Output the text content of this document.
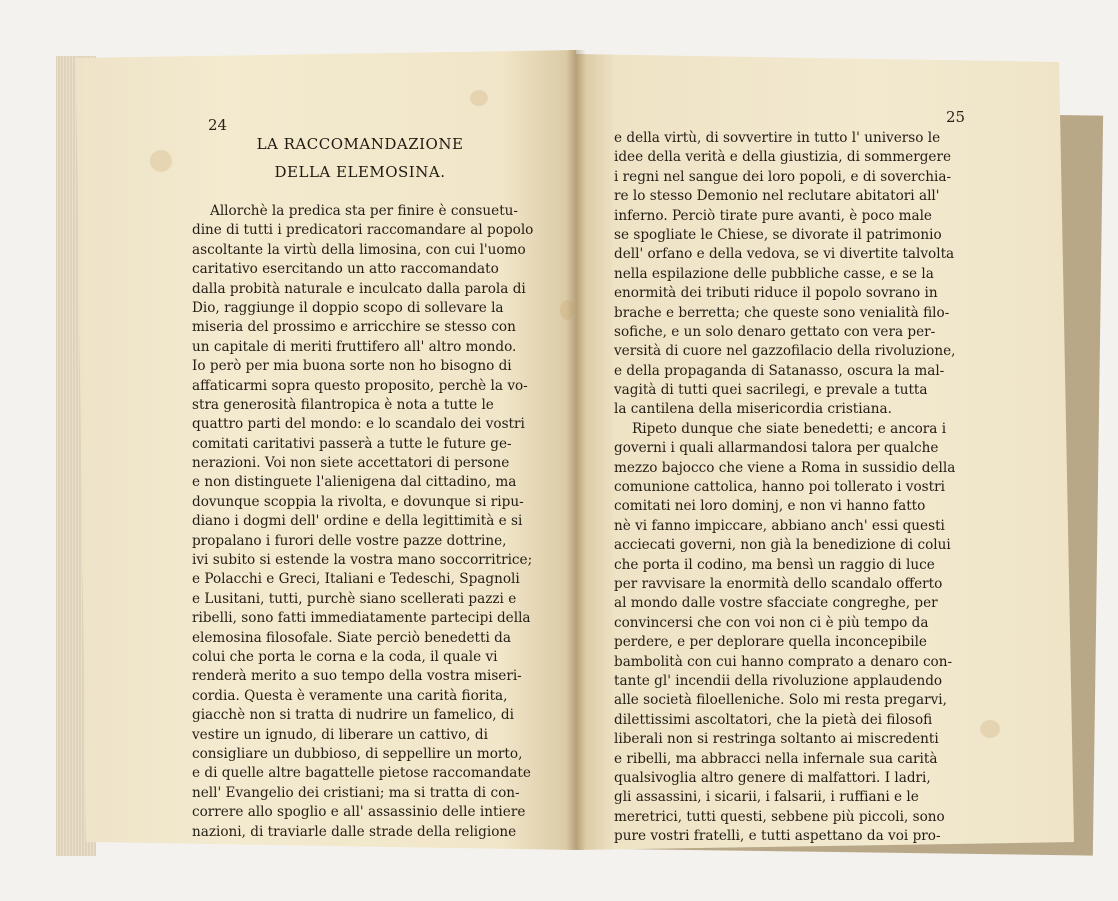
24
LA RACCOMANDAZIONE
DELLA ELEMOSINA.
Allorchè la predica sta per finire è consuetu-
dine di tutti i predicatori raccomandare al popolo
ascoltante la virtù della limosina, con cui l'uomo
caritativo esercitando un atto raccomandato
dalla probità naturale e inculcato dalla parola di
Dio, raggiunge il doppio scopo di sollevare la
miseria del prossimo e arricchire se stesso con
un capitale di meriti fruttifero all' altro mondo.
Io però per mia buona sorte non ho bisogno di
affaticarmi sopra questo proposito, perchè la vo-
stra generosità filantropica è nota a tutte le
quattro parti del mondo: e lo scandalo dei vostri
comitati caritativi passerà a tutte le future ge-
nerazioni. Voi non siete accettatori di persone
e non distinguete l'alienigena dal cittadino, ma
dovunque scoppia la rivolta, e dovunque si ripu-
diano i dogmi dell' ordine e della legittimità e si
propalano i furori delle vostre pazze dottrine,
ivi subito si estende la vostra mano soccorritrice;
e Polacchi e Greci, Italiani e Tedeschi, Spagnoli
e Lusitani, tutti, purchè siano scellerati pazzi e
ribelli, sono fatti immediatamente partecipi della
elemosina filosofale. Siate perciò benedetti da
colui che porta le corna e la coda, il quale vi
renderà merito a suo tempo della vostra miseri-
cordia. Questa è veramente una carità fiorita,
giacchè non si tratta di nudrire un famelico, di
vestire un ignudo, di liberare un cattivo, di
consigliare un dubbioso, di seppellire un morto,
e di quelle altre bagattelle pietose raccomandate
nell' Evangelio dei cristiani; ma si tratta di con-
correre allo spoglio e all' assassinio delle intiere
nazioni, di traviarle dalle strade della religione
25
e della virtù, di sovvertire in tutto l' universo le
idee della verità e della giustizia, di sommergere
i regni nel sangue dei loro popoli, e di soverchia-
re lo stesso Demonio nel reclutare abitatori all'
inferno. Perciò tirate pure avanti, è poco male
se spogliate le Chiese, se divorate il patrimonio
dell' orfano e della vedova, se vi divertite talvolta
nella espilazione delle pubbliche casse, e se la
enormità dei tributi riduce il popolo sovrano in
brache e berretta; che queste sono venialità filo-
sofiche, e un solo denaro gettato con vera per-
versità di cuore nel gazzofilacio della rivoluzione,
e della propaganda di Satanasso, oscura la mal-
vagità di tutti quei sacrilegi, e prevale a tutta
la cantilena della misericordia cristiana.
Ripeto dunque che siate benedetti; e ancora i
governi i quali allarmandosi talora per qualche
mezzo bajocco che viene a Roma in sussidio della
comunione cattolica, hanno poi tollerato i vostri
comitati nei loro dominj, e non vi hanno fatto
nè vi fanno impiccare, abbiano anch' essi questi
acciecati governi, non già la benedizione di colui
che porta il codino, ma bensì un raggio di luce
per ravvisare la enormità dello scandalo offerto
al mondo dalle vostre sfacciate congreghe, per
convincersi che con voi non ci è più tempo da
perdere, e per deplorare quella inconcepibile
bambolità con cui hanno comprato a denaro con-
tante gl' incendii della rivoluzione applaudendo
alle società filoelleniche. Solo mi resta pregarvi,
dilettissimi ascoltatori, che la pietà dei filosofi
liberali non si restringa soltanto ai miscredenti
e ribelli, ma abbracci nella infernale sua carità
qualsivoglia altro genere di malfattori. I ladri,
gli assassini, i sicarii, i falsarii, i ruffiani e le
meretrici, tutti questi, sebbene più piccoli, sono
pure vostri fratelli, e tutti aspettano da voi pro-
